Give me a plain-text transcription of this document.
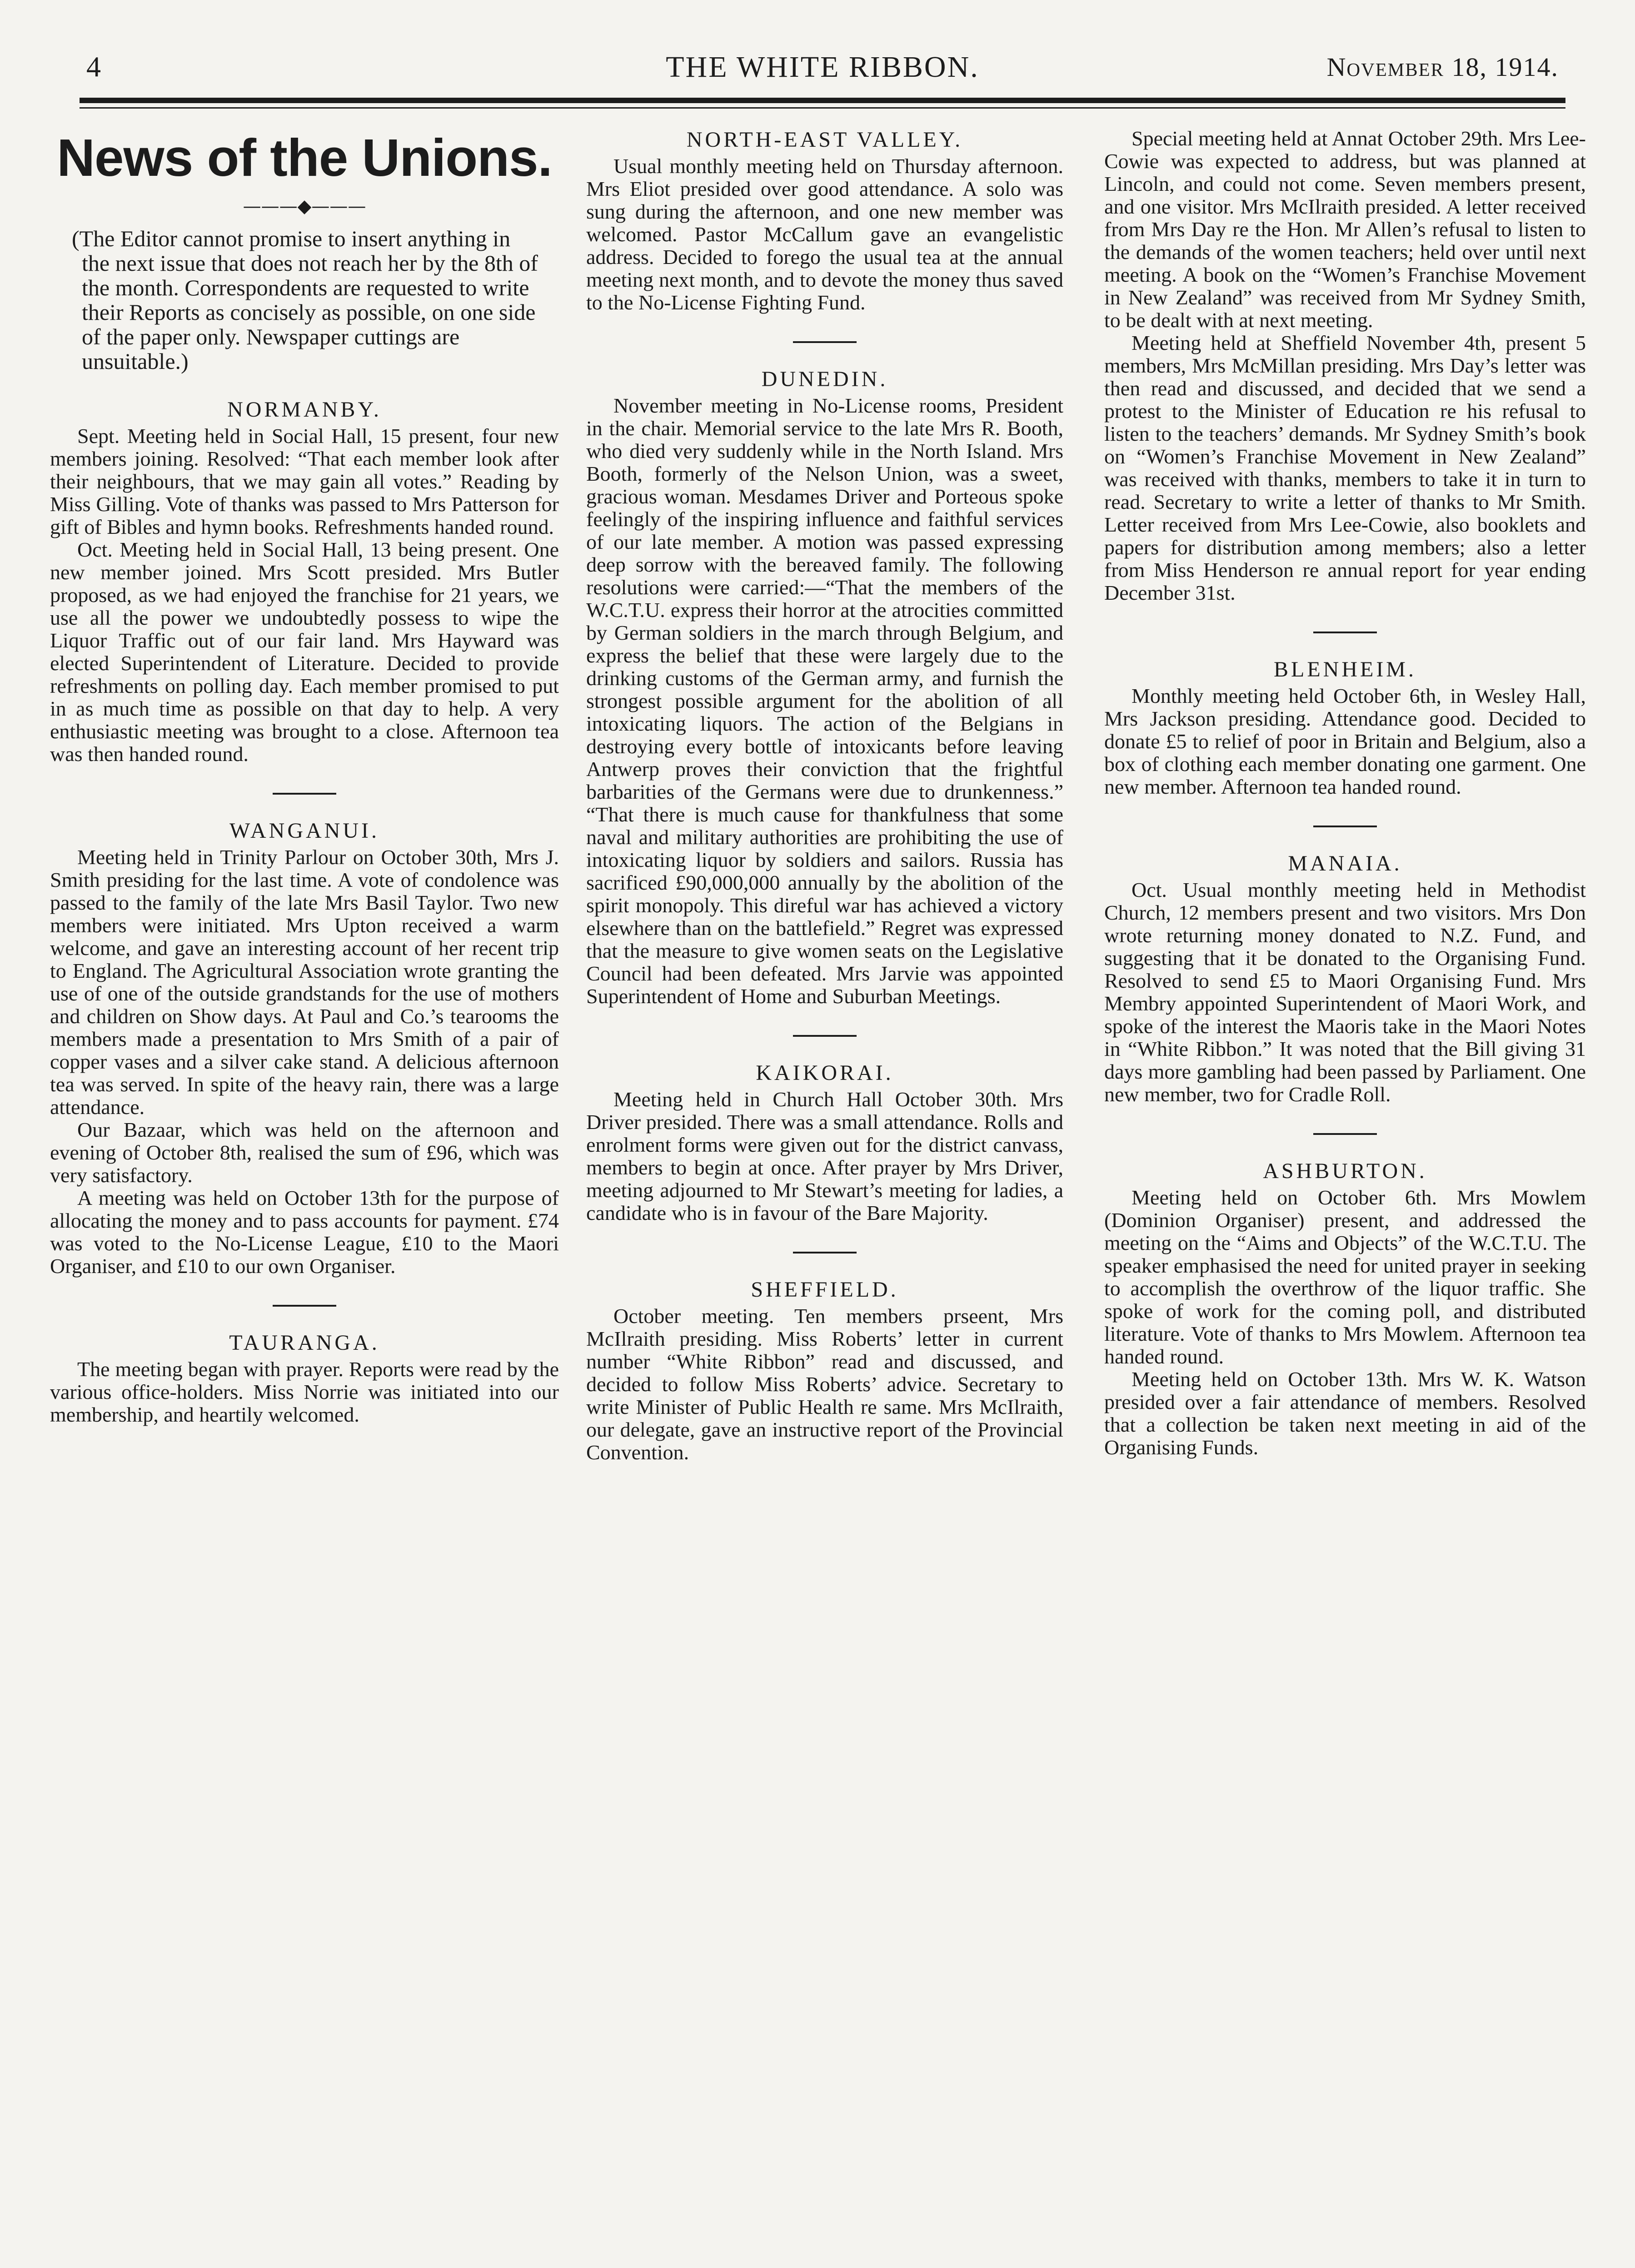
4	THE WHITE RIBBON.	November 18, 1914.
News of the Unions.
———◆———

(The Editor cannot promise to insert anything in the next issue that does not reach her by the 8th of the month. Correspondents are requested to write their Reports as concisely as possible, on one side of the paper only. Newspaper cuttings are unsuitable.)

NORMANBY.

Sept. Meeting held in Social Hall, 15 present, four new members joining. Resolved: “That each member look after their neighbours, that we may gain all votes.” Reading by Miss Gilling. Vote of thanks was passed to Mrs Patterson for gift of Bibles and hymn books. Refreshments handed round.

Oct. Meeting held in Social Hall, 13 being present. One new member joined. Mrs Scott presided. Mrs Butler proposed, as we had enjoyed the franchise for 21 years, we use all the power we undoubtedly possess to wipe the Liquor Traffic out of our fair land. Mrs Hayward was elected Superintendent of Literature. Decided to provide refreshments on polling day. Each member promised to put in as much time as possible on that day to help. A very enthusiastic meeting was brought to a close. Afternoon tea was then handed round.

WANGANUI.

Meeting held in Trinity Parlour on October 30th, Mrs J. Smith presiding for the last time. A vote of condolence was passed to the family of the late Mrs Basil Taylor. Two new members were initiated. Mrs Upton received a warm welcome, and gave an interesting account of her recent trip to England. The Agricultural Association wrote granting the use of one of the outside grandstands for the use of mothers and children on Show days. At Paul and Co.’s tearooms the members made a presentation to Mrs Smith of a pair of copper vases and a silver cake stand. A delicious afternoon tea was served. In spite of the heavy rain, there was a large attendance.

Our Bazaar, which was held on the afternoon and evening of October 8th, realised the sum of £96, which was very satisfactory.

A meeting was held on October 13th for the purpose of allocating the money and to pass accounts for payment. £74 was voted to the No-License League, £10 to the Maori Organiser, and £10 to our own Organiser.

TAURANGA.

The meeting began with prayer. Reports were read by the various office-holders. Miss Norrie was initiated into our membership, and heartily welcomed.

NORTH-EAST VALLEY.

Usual monthly meeting held on Thursday afternoon. Mrs Eliot presided over good attendance. A solo was sung during the afternoon, and one new member was welcomed. Pastor McCallum gave an evangelistic address. Decided to forego the usual tea at the annual meeting next month, and to devote the money thus saved to the No-License Fighting Fund.

DUNEDIN.

November meeting in No-License rooms, President in the chair. Memorial service to the late Mrs R. Booth, who died very suddenly while in the North Island. Mrs Booth, formerly of the Nelson Union, was a sweet, gracious woman. Mesdames Driver and Porteous spoke feelingly of the inspiring influence and faithful services of our late member. A motion was passed expressing deep sorrow with the bereaved family. The following resolutions were carried:—“That the members of the W.C.T.U. express their horror at the atrocities committed by German soldiers in the march through Belgium, and express the belief that these were largely due to the drinking customs of the German army, and furnish the strongest possible argument for the abolition of all intoxicating liquors. The action of the Belgians in destroying every bottle of intoxicants before leaving Antwerp proves their conviction that the frightful barbarities of the Germans were due to drunkenness.” “That there is much cause for thankfulness that some naval and military authorities are prohibiting the use of intoxicating liquor by soldiers and sailors. Russia has sacrificed £90,000,000 annually by the abolition of the spirit monopoly. This direful war has achieved a victory elsewhere than on the battlefield.” Regret was expressed that the measure to give women seats on the Legislative Council had been defeated. Mrs Jarvie was appointed Superintendent of Home and Suburban Meetings.

KAIKORAI.

Meeting held in Church Hall October 30th. Mrs Driver presided. There was a small attendance. Rolls and enrolment forms were given out for the district canvass, members to begin at once. After prayer by Mrs Driver, meeting adjourned to Mr Stewart’s meeting for ladies, a candidate who is in favour of the Bare Majority.

SHEFFIELD.

October meeting. Ten members prseent, Mrs McIlraith presiding. Miss Roberts’ letter in current number “White Ribbon” read and discussed, and decided to follow Miss Roberts’ advice. Secretary to write Minister of Public Health re same. Mrs McIlraith, our delegate, gave an instructive report of the Provincial Convention.

Special meeting held at Annat October 29th. Mrs Lee-Cowie was expected to address, but was planned at Lincoln, and could not come. Seven members present, and one visitor. Mrs McIlraith presided. A letter received from Mrs Day re the Hon. Mr Allen’s refusal to listen to the demands of the women teachers; held over until next meeting. A book on the “Women’s Franchise Movement in New Zealand” was received from Mr Sydney Smith, to be dealt with at next meeting.

Meeting held at Sheffield November 4th, present 5 members, Mrs McMillan presiding. Mrs Day’s letter was then read and discussed, and decided that we send a protest to the Minister of Education re his refusal to listen to the teachers’ demands. Mr Sydney Smith’s book on “Women’s Franchise Movement in New Zealand” was received with thanks, members to take it in turn to read. Secretary to write a letter of thanks to Mr Smith. Letter received from Mrs Lee-Cowie, also booklets and papers for distribution among members; also a letter from Miss Henderson re annual report for year ending December 31st.

BLENHEIM.

Monthly meeting held October 6th, in Wesley Hall, Mrs Jackson presiding. Attendance good. Decided to donate £5 to relief of poor in Britain and Belgium, also a box of clothing each member donating one garment. One new member. Afternoon tea handed round.

MANAIA.

Oct. Usual monthly meeting held in Methodist Church, 12 members present and two visitors. Mrs Don wrote returning money donated to N.Z. Fund, and suggesting that it be donated to the Organising Fund. Resolved to send £5 to Maori Organising Fund. Mrs Membry appointed Superintendent of Maori Work, and spoke of the interest the Maoris take in the Maori Notes in “White Ribbon.” It was noted that the Bill giving 31 days more gambling had been passed by Parliament. One new member, two for Cradle Roll.

ASHBURTON.

Meeting held on October 6th. Mrs Mowlem (Dominion Organiser) present, and addressed the meeting on the “Aims and Objects” of the W.C.T.U. The speaker emphasised the need for united prayer in seeking to accomplish the overthrow of the liquor traffic. She spoke of work for the coming poll, and distributed literature. Vote of thanks to Mrs Mowlem. Afternoon tea handed round.

Meeting held on October 13th. Mrs W. K. Watson presided over a fair attendance of members. Resolved that a collection be taken next meeting in aid of the Organising Funds.
